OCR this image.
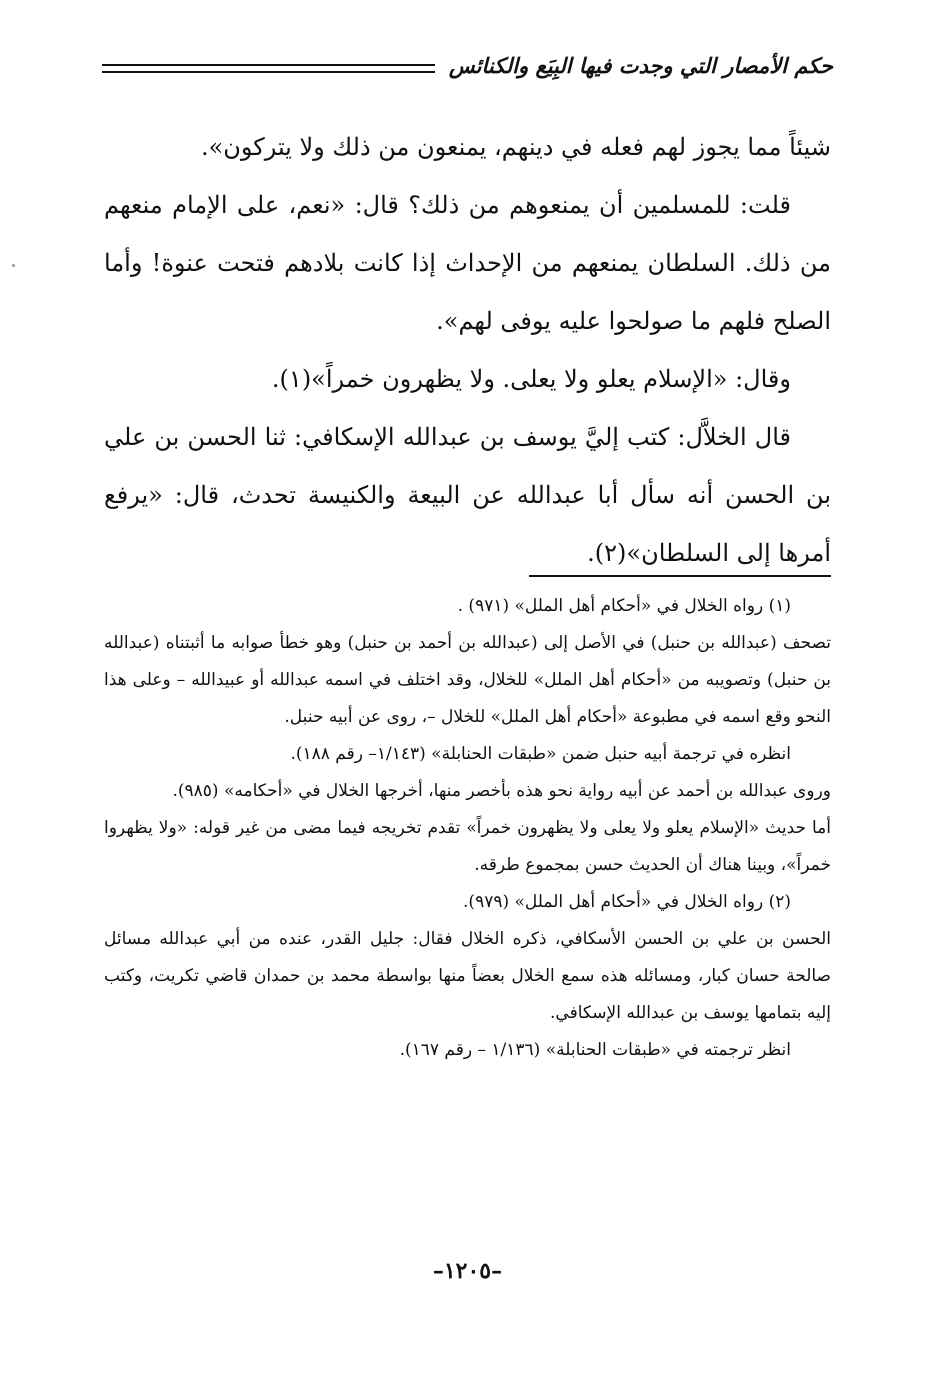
حكم الأمصار التي وجدت فيها البِيَع والكنائس

شيئاً مما يجوز لهم فعله في دينهم، يمنعون من ذلك ولا يتركون».

قلت: للمسلمين أن يمنعوهم من ذلك؟ قال: «نعم، على الإمام منعهم من ذلك. السلطان يمنعهم من الإحداث إذا كانت بلادهم فتحت عنوة! وأما الصلح فلهم ما صولحوا عليه يوفى لهم».

وقال: «الإسلام يعلو ولا يعلى. ولا يظهرون خمراً»(١).

قال الخلاَّل: كتب إليَّ يوسف بن عبدالله الإسكافي: ثنا الحسن بن علي بن الحسن أنه سأل أبا عبدالله عن البيعة والكنيسة تحدث، قال: «يرفع أمرها إلى السلطان»(٢).

(١) رواه الخلال في «أحكام أهل الملل» (٩٧١) .

تصحف (عبدالله بن حنبل) في الأصل إلى (عبدالله بن أحمد بن حنبل) وهو خطأ صوابه ما أثبتناه (عبدالله بن حنبل) وتصويبه من «أحكام أهل الملل» للخلال، وقد اختلف في اسمه عبدالله أو عبيدالله – وعلى هذا النحو وقع اسمه في مطبوعة «أحكام أهل الملل» للخلال –، روى عن أبيه حنبل.

انظره في ترجمة أبيه حنبل ضمن «طبقات الحنابلة» (١/١٤٣– رقم ١٨٨).

وروى عبدالله بن أحمد عن أبيه رواية نحو هذه بأخصر منها، أخرجها الخلال في «أحكامه» (٩٨٥).

أما حديث «الإسلام يعلو ولا يعلى ولا يظهرون خمراً» تقدم تخريجه فيما مضى من غير قوله: «ولا يظهروا خمراً»، وبينا هناك أن الحديث حسن بمجموع طرقه.

(٢) رواه الخلال في «أحكام أهل الملل» (٩٧٩).

الحسن بن علي بن الحسن الأسكافي، ذكره الخلال فقال: جليل القدر، عنده من أبي عبدالله مسائل صالحة حسان كبار، ومسائله هذه سمع الخلال بعضاً منها بواسطة محمد بن حمدان قاضي تكريت، وكتب إليه بتمامها يوسف بن عبدالله الإسكافي.

انظر ترجمته في «طبقات الحنابلة» (١/١٣٦ – رقم ١٦٧).

–١٢٠٥–
